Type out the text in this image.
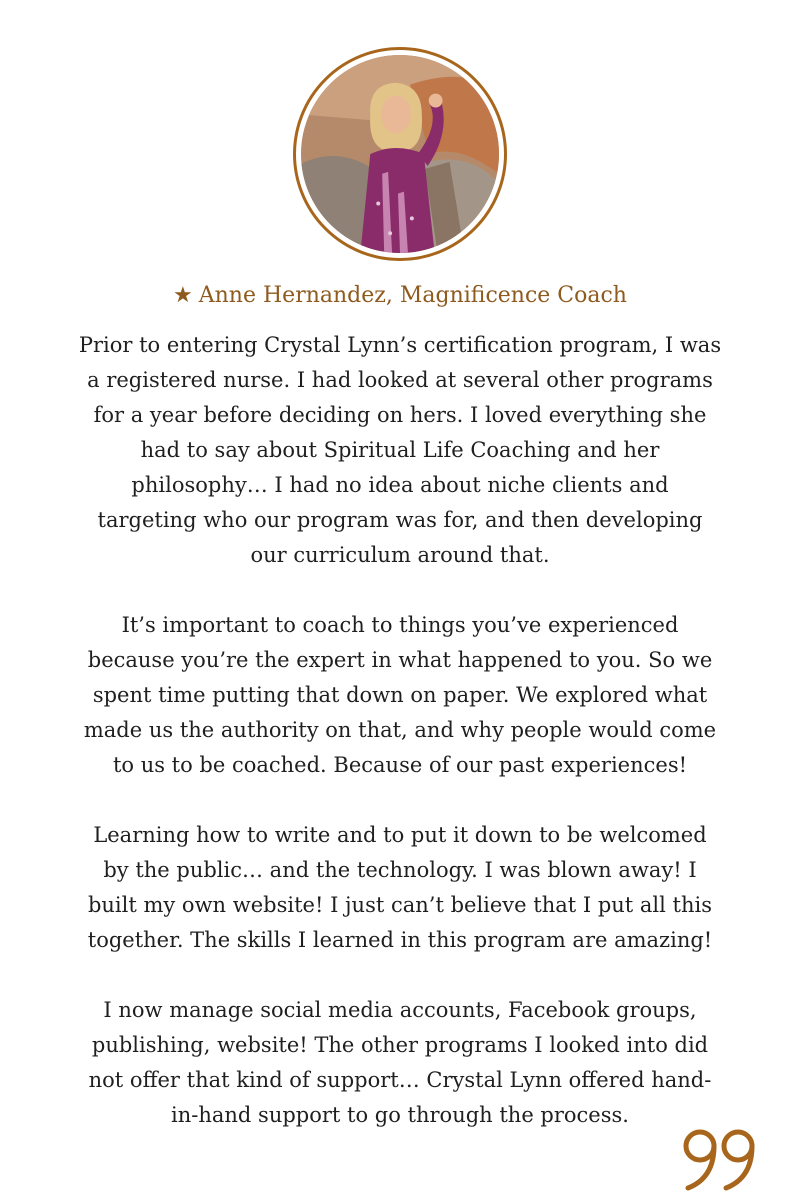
★ Anne Hernandez, Magnificence Coach

Prior to entering Crystal Lynn’s certification program, I was
a registered nurse. I had looked at several other programs
for a year before deciding on hers. I loved everything she
had to say about Spiritual Life Coaching and her
philosophy… I had no idea about niche clients and
targeting who our program was for, and then developing
our curriculum around that.

It’s important to coach to things you’ve experienced
because you’re the expert in what happened to you. So we
spent time putting that down on paper. We explored what
made us the authority on that, and why people would come
to us to be coached. Because of our past experiences!

Learning how to write and to put it down to be welcomed
by the public… and the technology. I was blown away! I
built my own website! I just can’t believe that I put all this
together. The skills I learned in this program are amazing!

I now manage social media accounts, Facebook groups,
publishing, website! The other programs I looked into did
not offer that kind of support… Crystal Lynn offered hand-
in-hand support to go through the process.
